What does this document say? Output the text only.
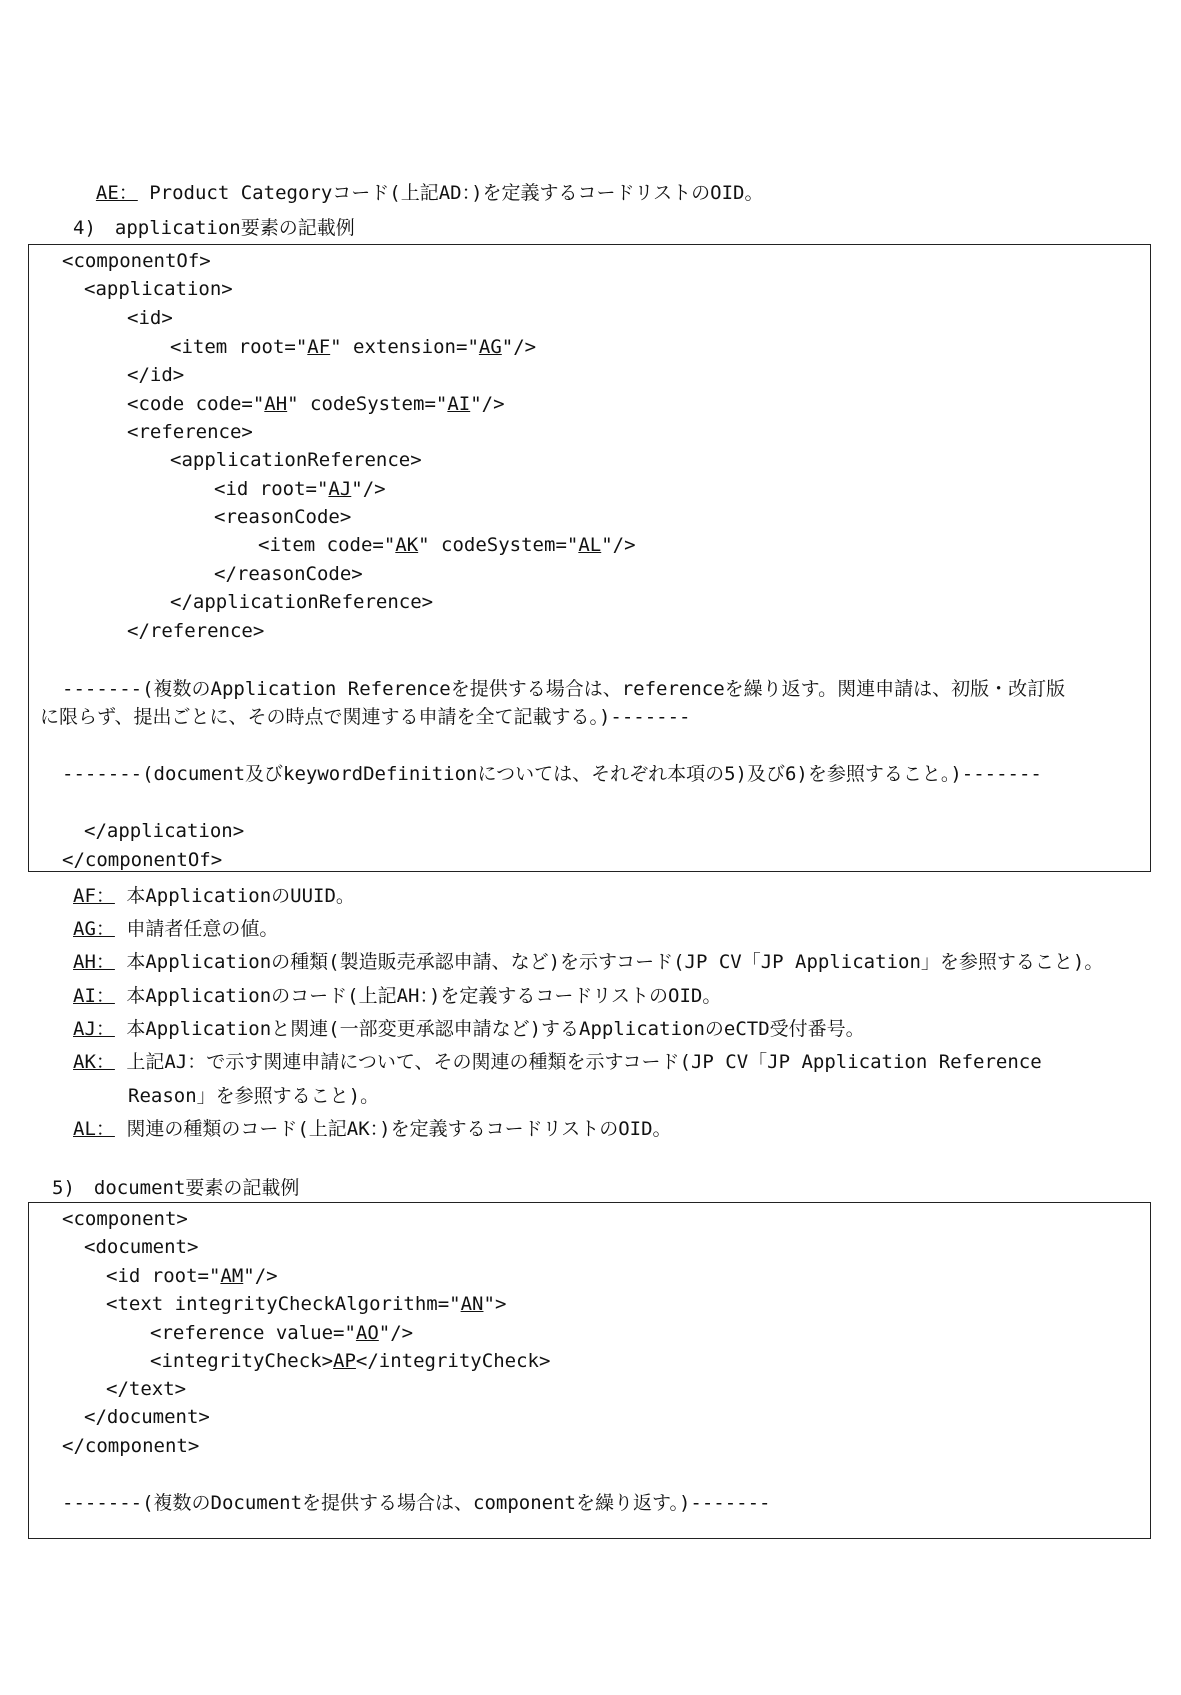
AE： Product Categoryコード(上記AD：)を定義するコードリストのOID。

4)　application要素の記載例
<componentOf>
<application>
<id>
<item root="AF" extension="AG"/>
</id>
<code code="AH" codeSystem="AI"/>
<reference>
<applicationReference>
<id root="AJ"/>
<reasonCode>
<item code="AK" codeSystem="AL"/>
</reasonCode>
</applicationReference>
</reference>
-------(複数のApplication Referenceを提供する場合は、referenceを繰り返す。関連申請は、初版・改訂版
に限らず、提出ごとに、その時点で関連する申請を全て記載する。)-------
-------(document及びkeywordDefinitionについては、それぞれ本項の5)及び6)を参照すること。)-------
</application>
</componentOf>
AF： 本ApplicationのUUID。
AG： 申請者任意の値。
AH： 本Applicationの種類(製造販売承認申請、など)を示すコード(JP CV「JP Application」を参照すること)。
AI： 本Applicationのコード(上記AH：)を定義するコードリストのOID。
AJ： 本Applicationと関連(一部変更承認申請など)するApplicationのeCTD受付番号。
AK： 上記AJ：で示す関連申請について、その関連の種類を示すコード(JP CV「JP Application Reference
Reason」を参照すること)。
AL： 関連の種類のコード(上記AK：)を定義するコードリストのOID。
5)　document要素の記載例
<component>
<document>
<id root="AM"/>
<text integrityCheckAlgorithm="AN">
<reference value="AO"/>
<integrityCheck>AP</integrityCheck>
</text>
</document>
</component>
-------(複数のDocumentを提供する場合は、componentを繰り返す。)-------
